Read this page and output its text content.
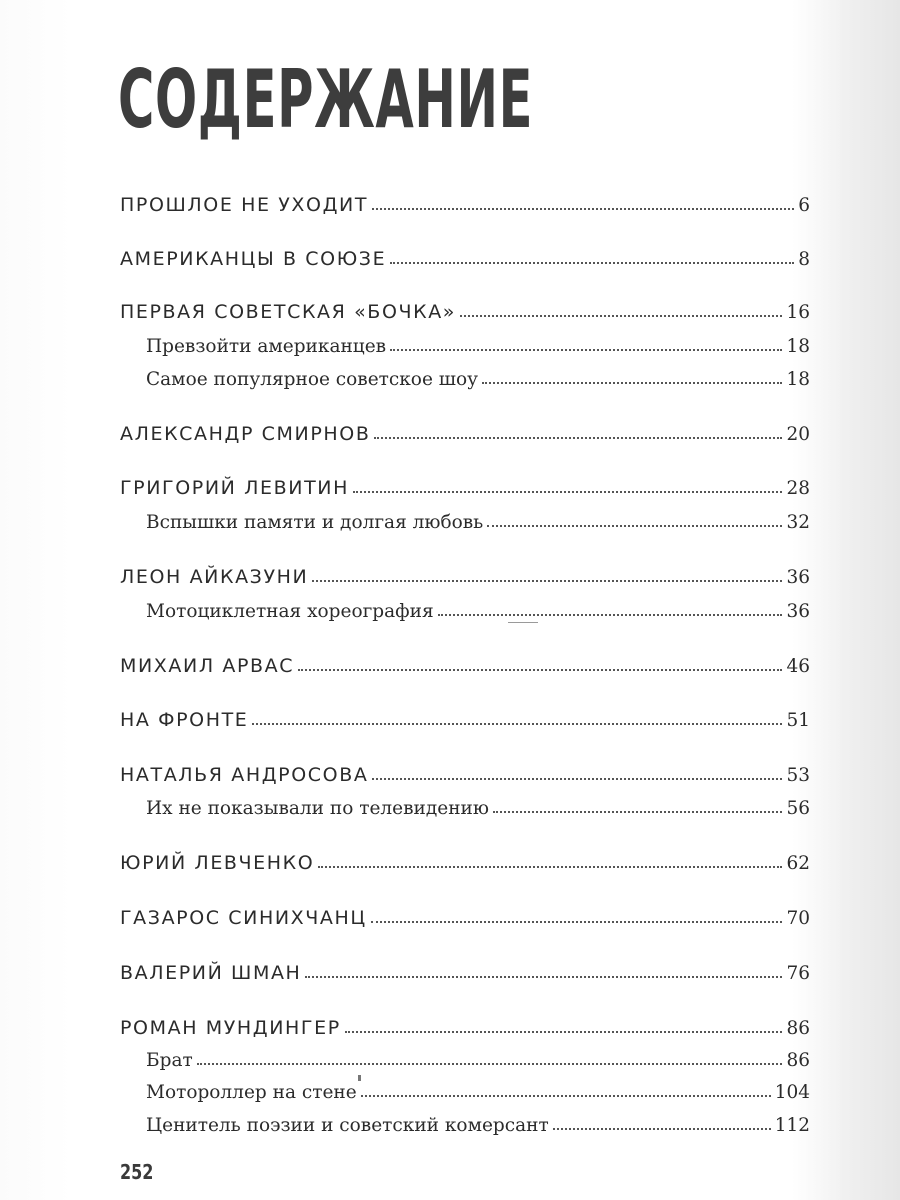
СОДЕРЖАНИЕ
ПРОШЛОЕ НЕ УХОДИТ	6
АМЕРИКАНЦЫ В СОЮЗЕ	8
ПЕРВАЯ СОВЕТСКАЯ «БОЧКА»	16
Превзойти американцев	18
Самое популярное советское шоу	18
АЛЕКСАНДР СМИРНОВ	20
ГРИГОРИЙ ЛЕВИТИН	28
Вспышки памяти и долгая любовь	32
ЛЕОН АЙКАЗУНИ	36
Мотоциклетная хореография	36
МИХАИЛ АРВАС	46
НА ФРОНТЕ	51
НАТАЛЬЯ АНДРОСОВА	53
Их не показывали по телевидению	56
ЮРИЙ ЛЕВЧЕНКО	62
ГАЗАРОС СИНИХЧАНЦ	70
ВАЛЕРИЙ ШМАН	76
РОМАН МУНДИНГЕР	86
Брат	86
Мотороллер на стене	104
Ценитель поэзии и советский комерсант	112
252
